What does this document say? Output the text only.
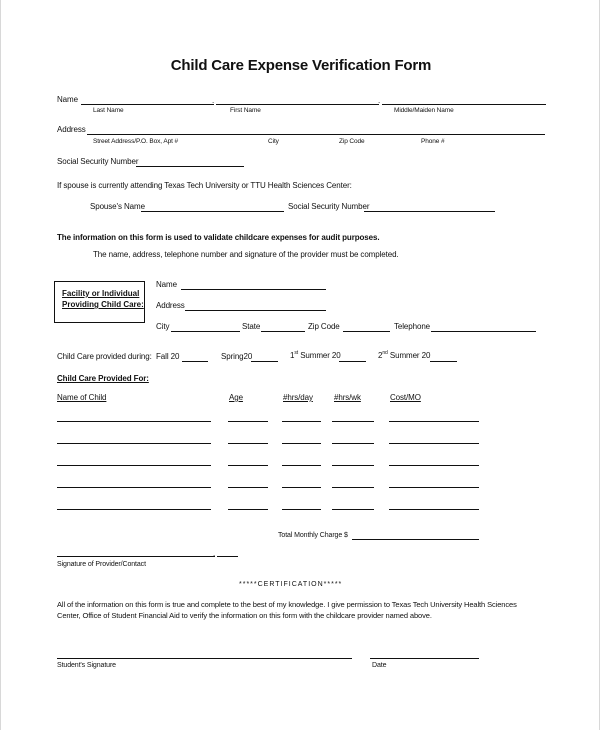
Child Care Expense Verification Form
Name	.	.
Last Name	First Name	Middle/Maiden Name
Address
Street Address/P.O. Box, Apt #	City	Zip Code	Phone #
Social Security Number
If spouse is currently attending Texas Tech University or TTU Health Sciences Center:
Spouse's Name	Social Security Number
The information on this form is used to validate childcare expenses for audit purposes.
The name, address, telephone number and signature of the provider must be completed.
Facility or Individual
Providing Child Care:
Name
Address
City	State	Zip Code	Telephone
Child Care provided during: Fall 20	Spring20	1st Summer 20	2nd Summer 20
Child Care Provided For:
Name of Child	Age	#hrs/day	#hrs/wk	Cost/MO
Total Monthly Charge $
.
Signature of Provider/Contact
*****CERTIFICATION*****
All of the information on this form is true and complete to the best of my knowledge. I give permission to Texas Tech University Health Sciences
Center, Office of Student Financial Aid to verify the information on this form with the childcare provider named above.
Student's Signature	Date
